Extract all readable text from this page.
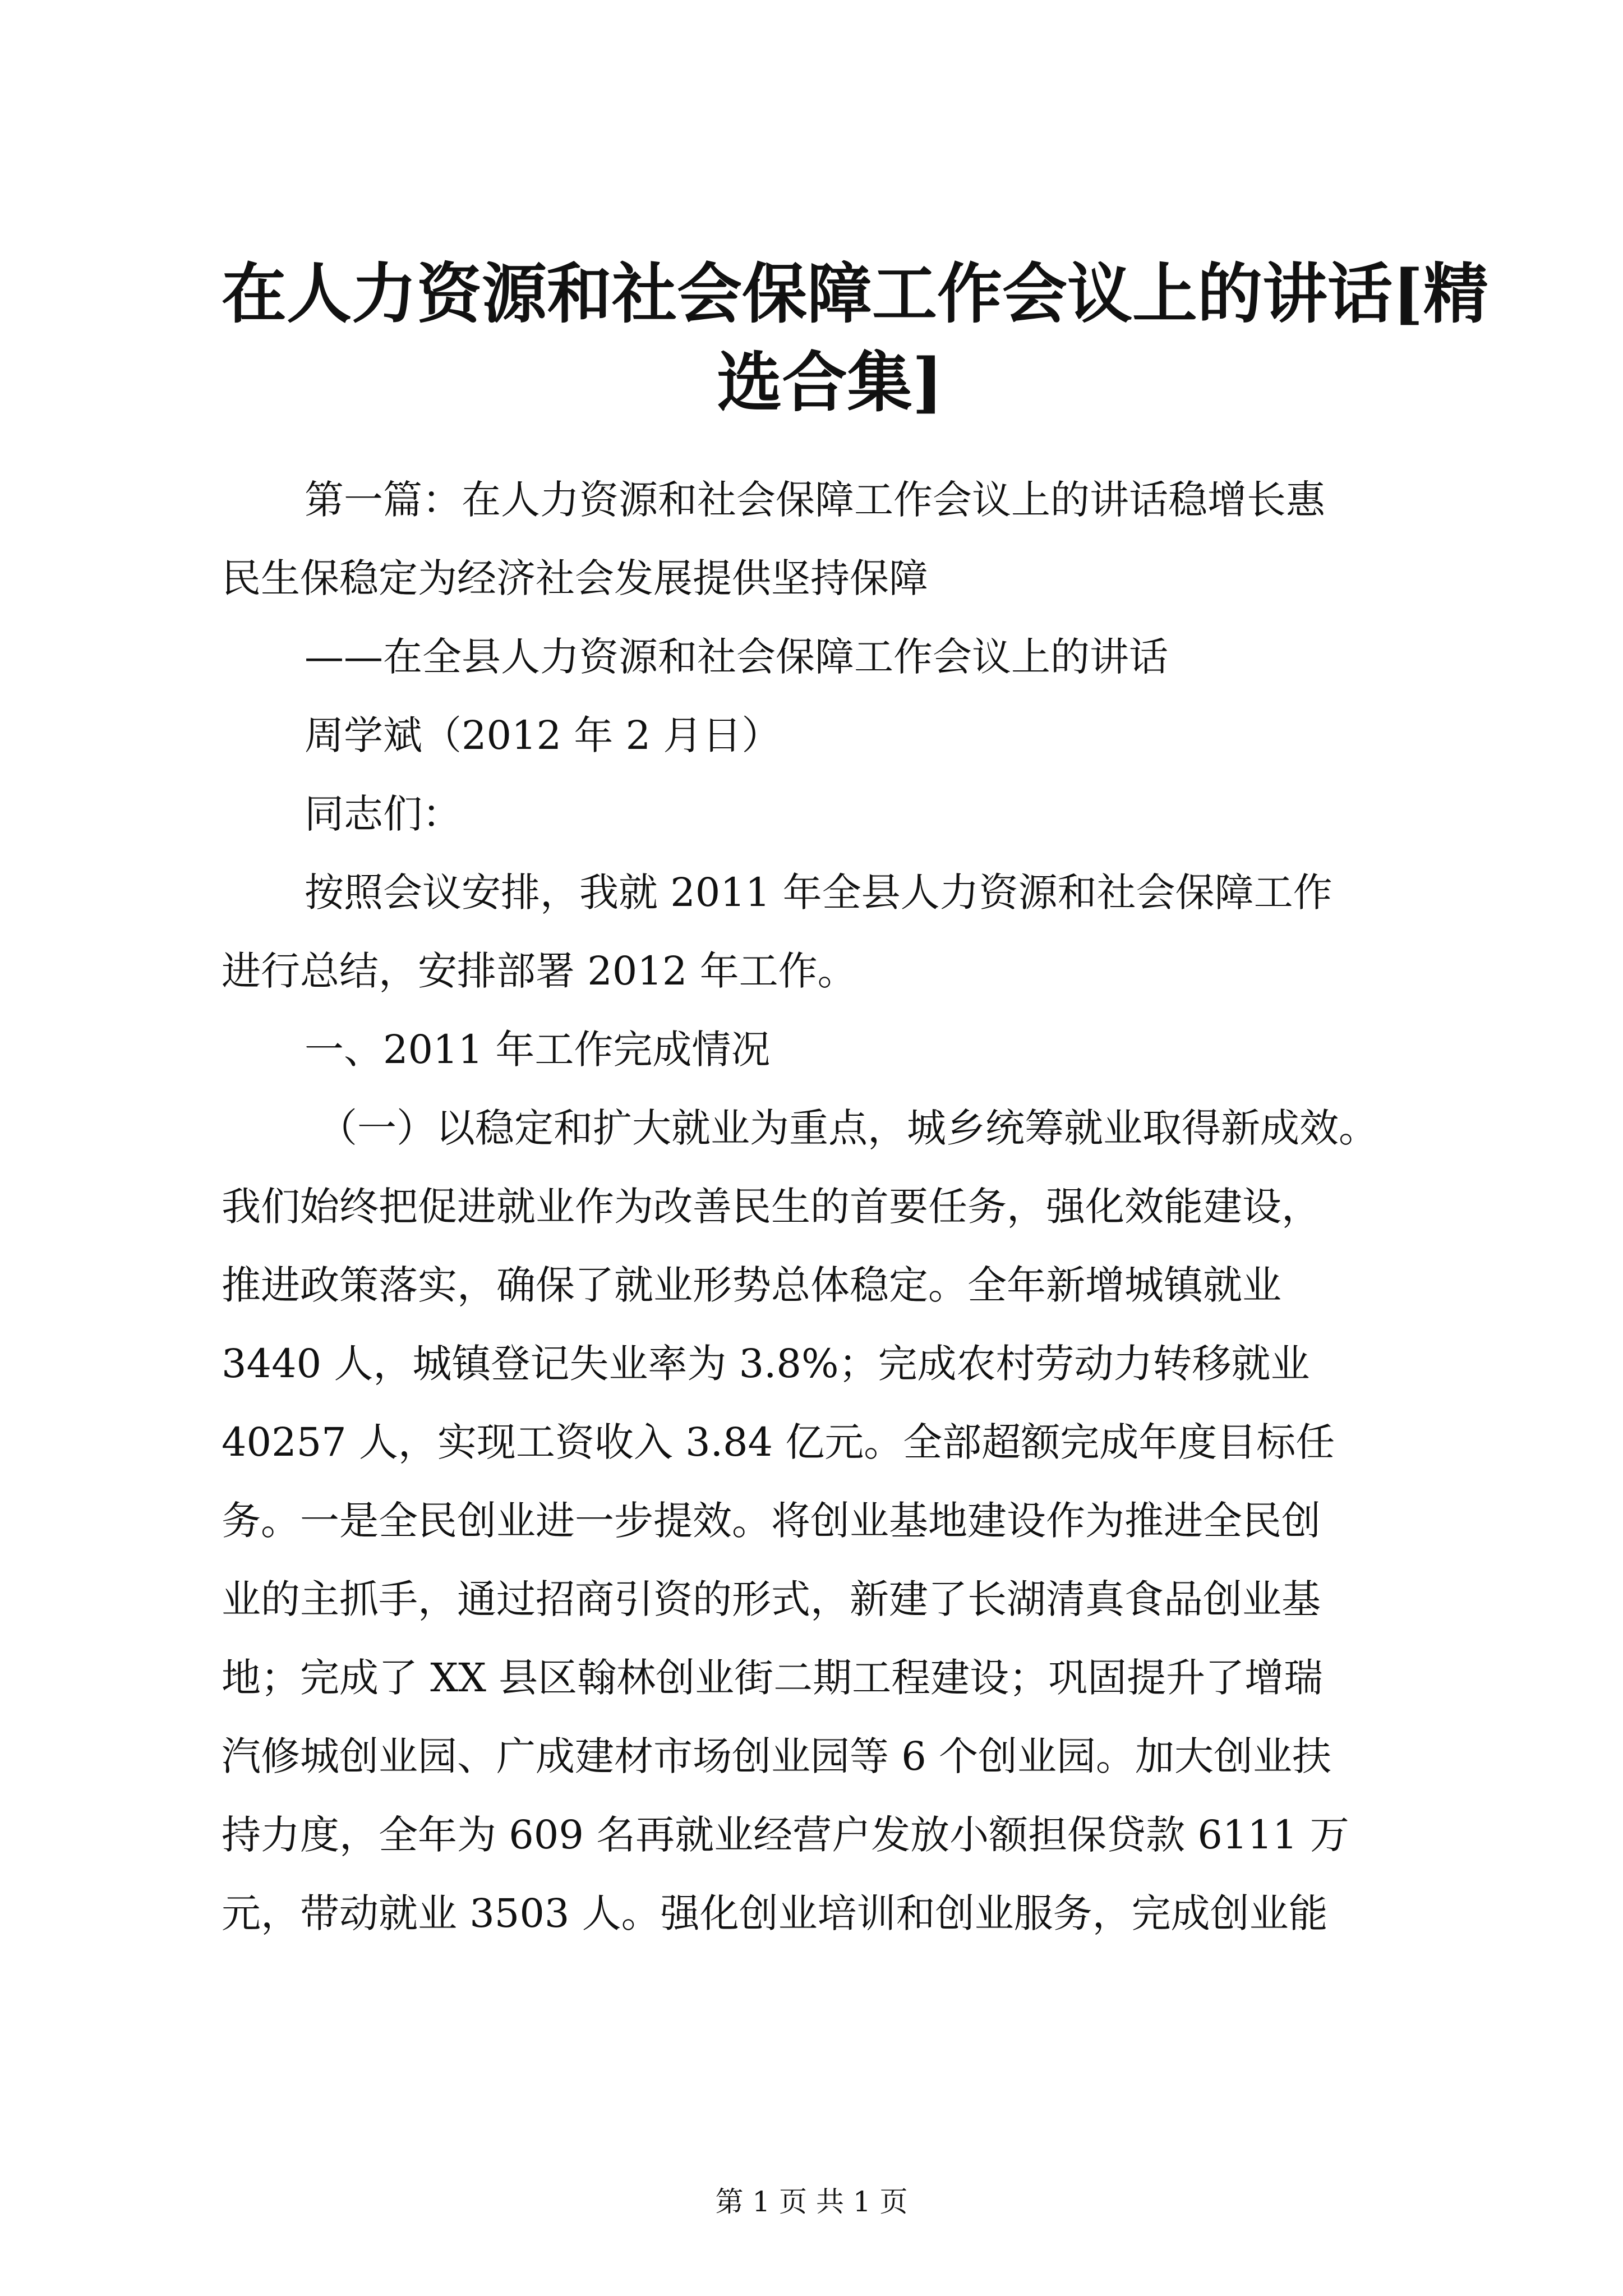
在人力资源和社会保障工作会议上的讲话[精
选合集]

第一篇：在人力资源和社会保障工作会议上的讲话稳增长惠
民生保稳定为经济社会发展提供坚持保障

——在全县人力资源和社会保障工作会议上的讲话

周学斌（2012 年 2 月日）

同志们：

按照会议安排，我就 2011 年全县人力资源和社会保障工作
进行总结，安排部署 2012 年工作。

一、2011 年工作完成情况

（一）以稳定和扩大就业为重点，城乡统筹就业取得新成效。
我们始终把促进就业作为改善民生的首要任务，强化效能建设，
推进政策落实，确保了就业形势总体稳定。全年新增城镇就业
3440 人，城镇登记失业率为 3.8%；完成农村劳动力转移就业
40257 人，实现工资收入 3.84 亿元。全部超额完成年度目标任
务。一是全民创业进一步提效。将创业基地建设作为推进全民创
业的主抓手，通过招商引资的形式，新建了长湖清真食品创业基
地；完成了 XX 县区翰林创业街二期工程建设；巩固提升了增瑞
汽修城创业园、广成建材市场创业园等 6 个创业园。加大创业扶
持力度，全年为 609 名再就业经营户发放小额担保贷款 6111 万
元，带动就业 3503 人。强化创业培训和创业服务，完成创业能

第 1 页 共 1 页
